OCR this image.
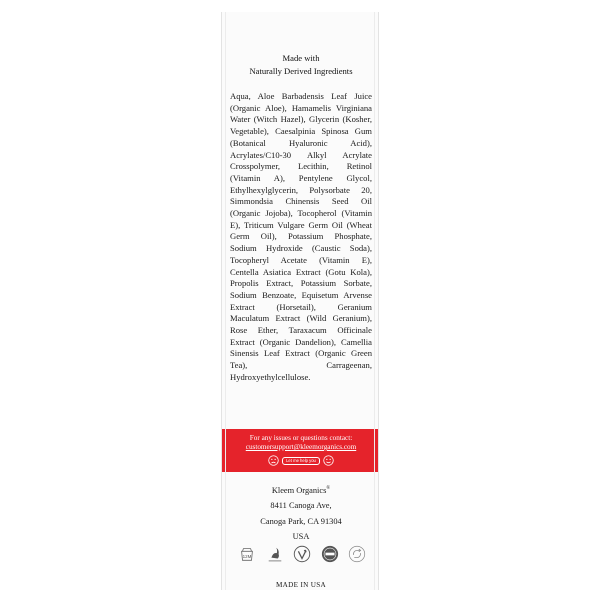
Made with
Naturally Derived Ingredients
Aqua, Aloe Barbadensis Leaf Juice (Organic Aloe), Hamamelis Virginiana Water (Witch Hazel), Glycerin (Kosher, Vegetable), Caesalpinia Spinosa Gum (Botanical Hyaluronic Acid), Acrylates/C10-30 Alkyl Acrylate Crosspolymer, Lecithin, Retinol (Vitamin A), Pentylene Glycol, Ethylhexylglycerin, Polysorbate 20, Simmondsia Chinensis Seed Oil (Organic Jojoba), Tocopherol (Vitamin E), Triticum Vulgare Germ Oil (Wheat Germ Oil), Potassium Phosphate, Sodium Hydroxide (Caustic Soda), Tocopheryl Acetate (Vitamin E), Centella Asiatica Extract (Gotu Kola), Propolis Extract, Potassium Sorbate, Sodium Benzoate, Equisetum Arvense Extract (Horsetail), Geranium Maculatum Extract (Wild Geranium), Rose Ether, Taraxacum Officinale Extract (Organic Dandelion), Camellia Sinensis Leaf Extract (Organic Green Tea), Carrageenan, Hydroxyethylcellulose.
For any issues or questions contact:
customersupport@kleemorganics.com
Let me help you
Kleem Organics®
8411 Canoga Ave,
Canoga Park, CA 91304
USA
12M
MADE IN USA
